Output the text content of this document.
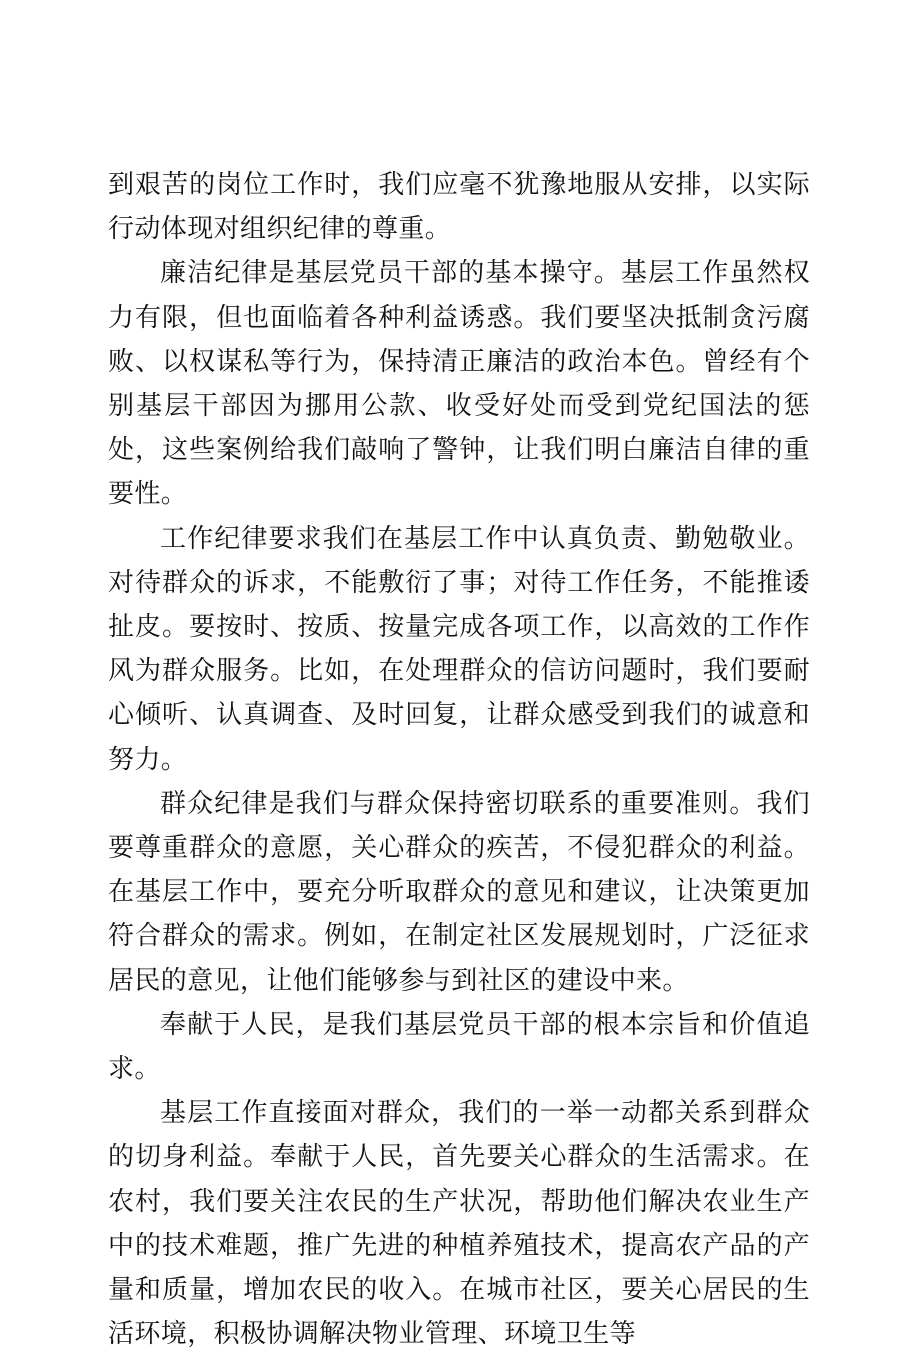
到艰苦的岗位工作时，我们应毫不犹豫地服从安排，以实际行动体现对组织纪律的尊重。

廉洁纪律是基层党员干部的基本操守。基层工作虽然权力有限，但也面临着各种利益诱惑。我们要坚决抵制贪污腐败、以权谋私等行为，保持清正廉洁的政治本色。曾经有个别基层干部因为挪用公款、收受好处而受到党纪国法的惩处，这些案例给我们敲响了警钟，让我们明白廉洁自律的重要性。

工作纪律要求我们在基层工作中认真负责、勤勉敬业。对待群众的诉求，不能敷衍了事；对待工作任务，不能推诿扯皮。要按时、按质、按量完成各项工作，以高效的工作作风为群众服务。比如，在处理群众的信访问题时，我们要耐心倾听、认真调查、及时回复，让群众感受到我们的诚意和努力。

群众纪律是我们与群众保持密切联系的重要准则。我们要尊重群众的意愿，关心群众的疾苦，不侵犯群众的利益。在基层工作中，要充分听取群众的意见和建议，让决策更加符合群众的需求。例如，在制定社区发展规划时，广泛征求居民的意见，让他们能够参与到社区的建设中来。

奉献于人民，是我们基层党员干部的根本宗旨和价值追求。

基层工作直接面对群众，我们的一举一动都关系到群众的切身利益。奉献于人民，首先要关心群众的生活需求。在农村，我们要关注农民的生产状况，帮助他们解决农业生产中的技术难题，推广先进的种植养殖技术，提高农产品的产量和质量，增加农民的收入。在城市社区，要关心居民的生活环境，积极协调解决物业管理、环境卫生等
